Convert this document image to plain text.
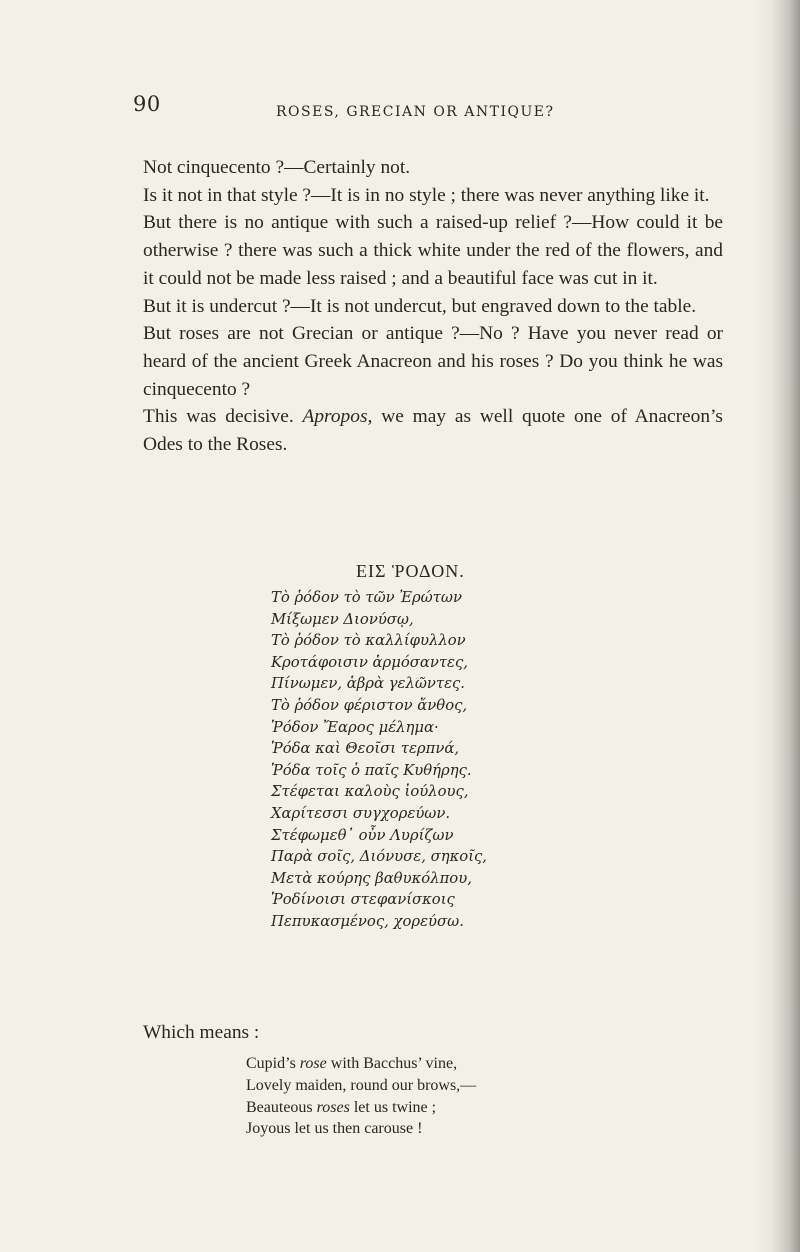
90	ROSES, GRECIAN OR ANTIQUE?

Not cinquecento ?—Certainly not.

Is it not in that style ?—It is in no style ; there was never anything like it.

But there is no antique with such a raised-up relief ?—How could it be otherwise ? there was such a thick white under the red of the flowers, and it could not be made less raised ; and a beautiful face was cut in it.

But it is undercut ?—It is not undercut, but engraved down to the table.

But roses are not Grecian or antique ?—No ? Have you never read or heard of the ancient Greek Anacreon and his roses ? Do you think he was cinquecento ?

This was decisive. Apropos, we may as well quote one of Anacreon’s Odes to the Roses.

ΕΙΣ ῬΟΔΟΝ.
Τὸ ῥόδον τὸ τῶν Ἐρώτων
Μίξωμεν Διονύσῳ,
Τὸ ῥόδον τὸ καλλίφυλλον
Κροτάφοισιν ἁρμόσαντες,
Πίνωμεν, ἁβρὰ γελῶντες.
Τὸ ῥόδον φέριστον ἄνθος,
Ῥόδον Ἔαρος μέλημα·
Ῥόδα καὶ Θεοῖσι τερπνά,
Ῥόδα τοῖς ὁ παῖς Κυθήρης.
Στέφεται καλοὺς ἰούλους,
Χαρίτεσσι συγχορεύων.
Στέφωμεθ᾽ οὖν Λυρίζων
Παρὰ σοῖς, Διόνυσε, σηκοῖς,
Μετὰ κούρης βαθυκόλπου,
Ῥοδίνοισι στεφανίσκοις
Πεπυκασμένος, χορεύσω.
Which means :
Cupid’s rose with Bacchus’ vine,
Lovely maiden, round our brows,—
Beauteous roses let us twine ;
Joyous let us then carouse !
